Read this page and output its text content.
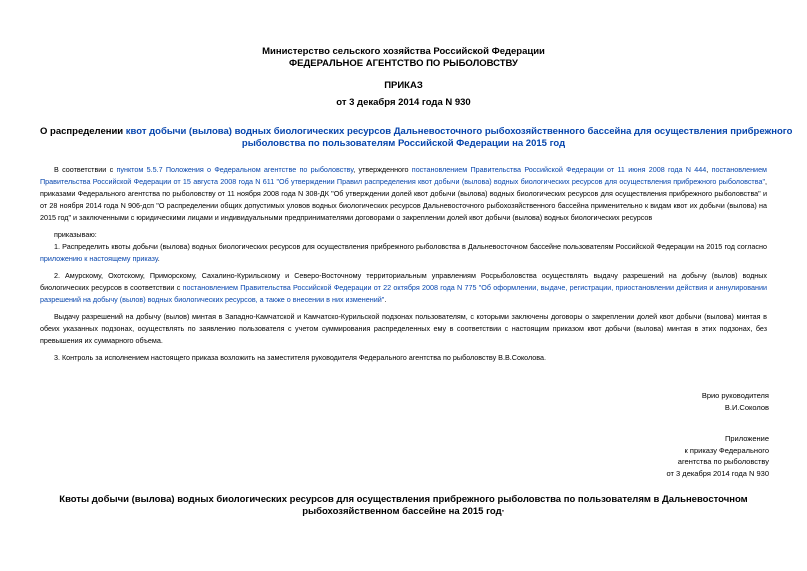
Министерство сельского хозяйства Российской Федерации
ФЕДЕРАЛЬНОЕ АГЕНТСТВО ПО РЫБОЛОВСТВУ
ПРИКАЗ
от 3 декабря 2014 года N 930
О распределении квот добычи (вылова) водных биологических ресурсов Дальневосточного рыбохозяйственного бассейна для осуществления прибрежного
рыболовства по пользователям Российской Федерации на 2015 год
В соответствии с пунктом 5.5.7 Положения о Федеральном агентстве по рыболовству, утвержденного постановлением Правительства Российской Федерации от 11 июня 2008 года N 444, постановлением Правительства Российской Федерации от 15 августа 2008 года N 611 "Об утверждении Правил распределения квот добычи (вылова) водных биологических ресурсов для осуществления прибрежного рыболовства", приказами Федерального агентства по рыболовству от 11 ноября 2008 года N 308-ДК "Об утверждении долей квот добычи (вылова) водных биологических ресурсов для осуществления прибрежного рыболовства" и от 28 ноября 2014 года N 906-дсп "О распределении общих допустимых уловов водных биологических ресурсов Дальневосточного рыбохозяйственного бассейна применительно к видам квот их добычи (вылова) на 2015 год" и заключенными с юридическими лицами и индивидуальными предпринимателями договорами о закреплении долей квот добычи (вылова) водных биологических ресурсов
приказываю:
1. Распределить квоты добычи (вылова) водных биологических ресурсов для осуществления прибрежного рыболовства в Дальневосточном бассейне пользователям Российской Федерации на 2015 год согласно приложению к настоящему приказу.
2. Амурскому, Охотскому, Приморскому, Сахалино-Курильскому и Северо-Восточному территориальным управлениям Росрыболовства осуществлять выдачу разрешений на добычу (вылов) водных биологических ресурсов в соответствии с постановлением Правительства Российской Федерации от 22 октября 2008 года N 775 "Об оформлении, выдаче, регистрации, приостановлении действия и аннулировании разрешений на добычу (вылов) водных биологических ресурсов, а также о внесении в них изменений".
Выдачу разрешений на добычу (вылов) минтая в Западно-Камчатской и Камчатско-Курильской подзонах пользователям, с которыми заключены договоры о закреплении долей квот добычи (вылова) минтая в обеих указанных подзонах, осуществлять по заявлению пользователя с учетом суммирования распределенных ему в соответствии с настоящим приказом квот добычи (вылова) минтая в этих подзонах, без превышения их суммарного объема.
3. Контроль за исполнением настоящего приказа возложить на заместителя руководителя Федерального агентства по рыболовству В.В.Соколова.
Врио руководителя
В.И.Соколов
Приложение
к приказу Федерального
агентства по рыболовству
от 3 декабря 2014 года N 930
Квоты добычи (вылова) водных биологических ресурсов для осуществления прибрежного рыболовства по пользователям в Дальневосточном
рыбохозяйственном бассейне на 2015 год·
